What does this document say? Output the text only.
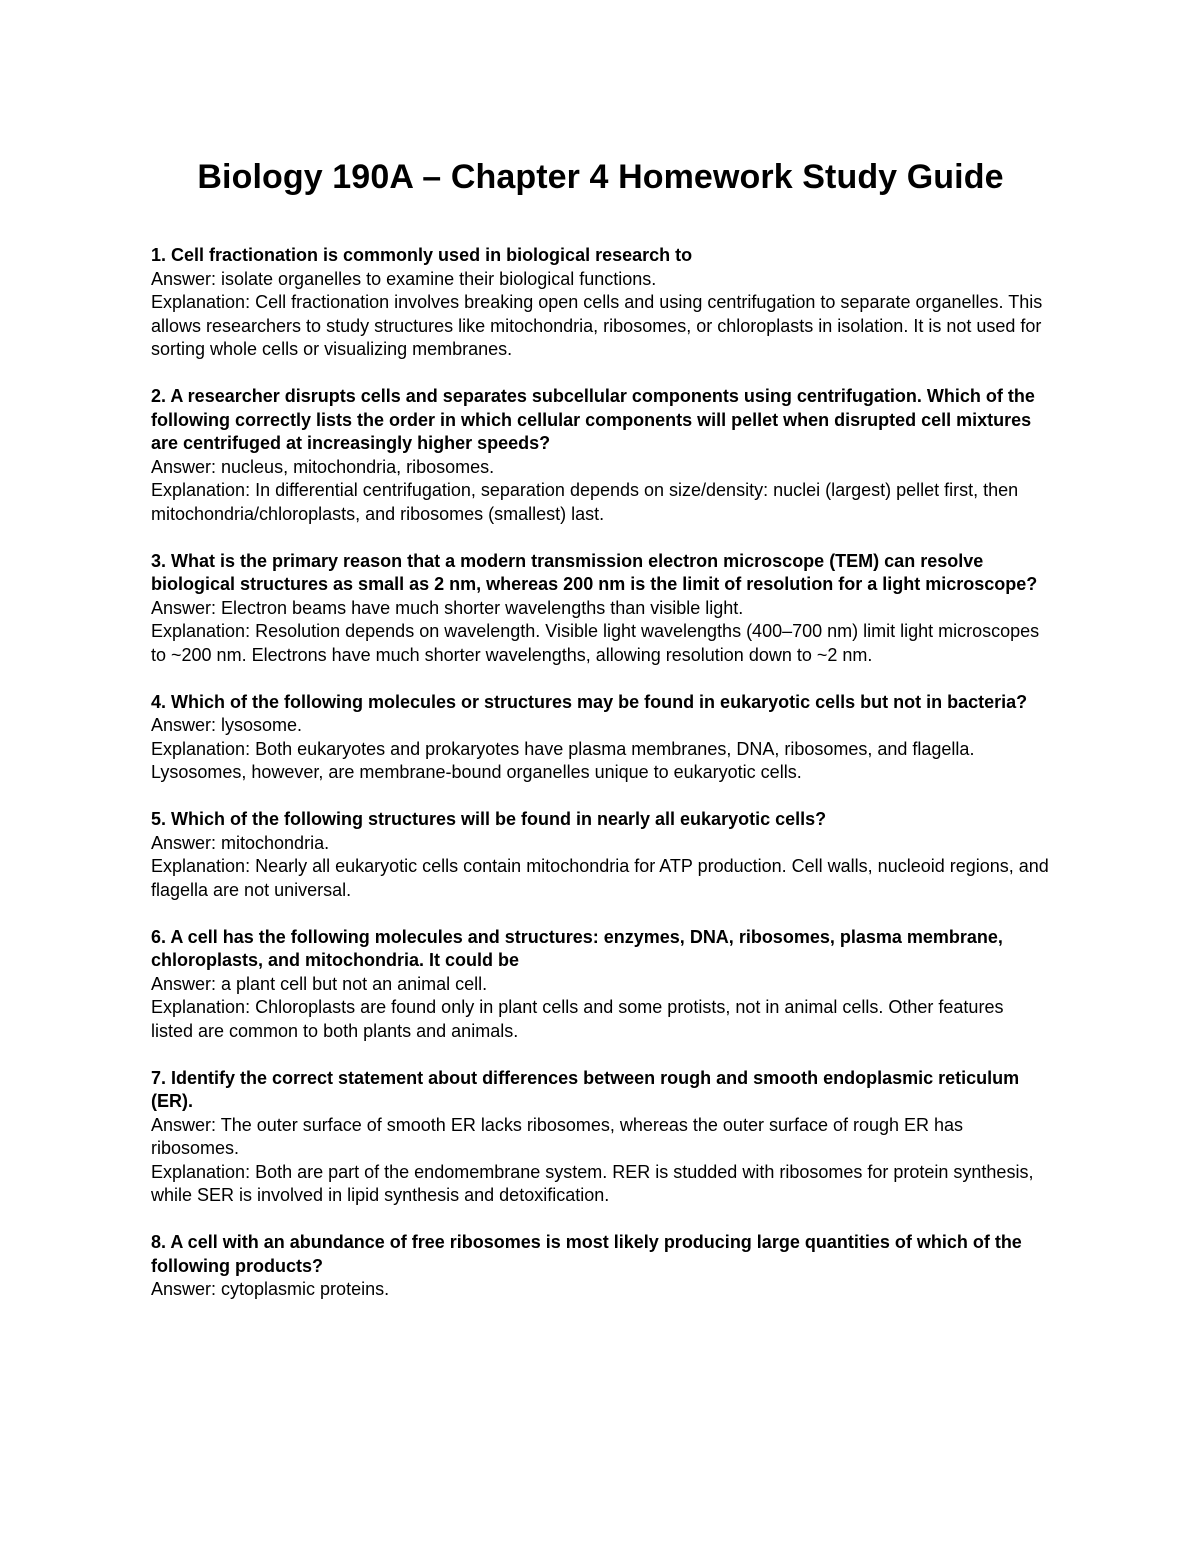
Biology 190A – Chapter 4 Homework Study Guide
1. Cell fractionation is commonly used in biological research to
Answer: isolate organelles to examine their biological functions.
Explanation: Cell fractionation involves breaking open cells and using centrifugation to separate organelles. This allows researchers to study structures like mitochondria, ribosomes, or chloroplasts in isolation. It is not used for sorting whole cells or visualizing membranes.
2. A researcher disrupts cells and separates subcellular components using centrifugation. Which of the following correctly lists the order in which cellular components will pellet when disrupted cell mixtures are centrifuged at increasingly higher speeds?
Answer: nucleus, mitochondria, ribosomes.
Explanation: In differential centrifugation, separation depends on size/density: nuclei (largest) pellet first, then mitochondria/chloroplasts, and ribosomes (smallest) last.
3. What is the primary reason that a modern transmission electron microscope (TEM) can resolve biological structures as small as 2 nm, whereas 200 nm is the limit of resolution for a light microscope?
Answer: Electron beams have much shorter wavelengths than visible light.
Explanation: Resolution depends on wavelength. Visible light wavelengths (400–700 nm) limit light microscopes to ~200 nm. Electrons have much shorter wavelengths, allowing resolution down to ~2 nm.
4. Which of the following molecules or structures may be found in eukaryotic cells but not in bacteria?
Answer: lysosome.
Explanation: Both eukaryotes and prokaryotes have plasma membranes, DNA, ribosomes, and flagella. Lysosomes, however, are membrane-bound organelles unique to eukaryotic cells.
5. Which of the following structures will be found in nearly all eukaryotic cells?
Answer: mitochondria.
Explanation: Nearly all eukaryotic cells contain mitochondria for ATP production. Cell walls, nucleoid regions, and flagella are not universal.
6. A cell has the following molecules and structures: enzymes, DNA, ribosomes, plasma membrane, chloroplasts, and mitochondria. It could be
Answer: a plant cell but not an animal cell.
Explanation: Chloroplasts are found only in plant cells and some protists, not in animal cells. Other features listed are common to both plants and animals.
7. Identify the correct statement about differences between rough and smooth endoplasmic reticulum (ER).
Answer: The outer surface of smooth ER lacks ribosomes, whereas the outer surface of rough ER has ribosomes.
Explanation: Both are part of the endomembrane system. RER is studded with ribosomes for protein synthesis, while SER is involved in lipid synthesis and detoxification.
8. A cell with an abundance of free ribosomes is most likely producing large quantities of which of the following products?
Answer: cytoplasmic proteins.
